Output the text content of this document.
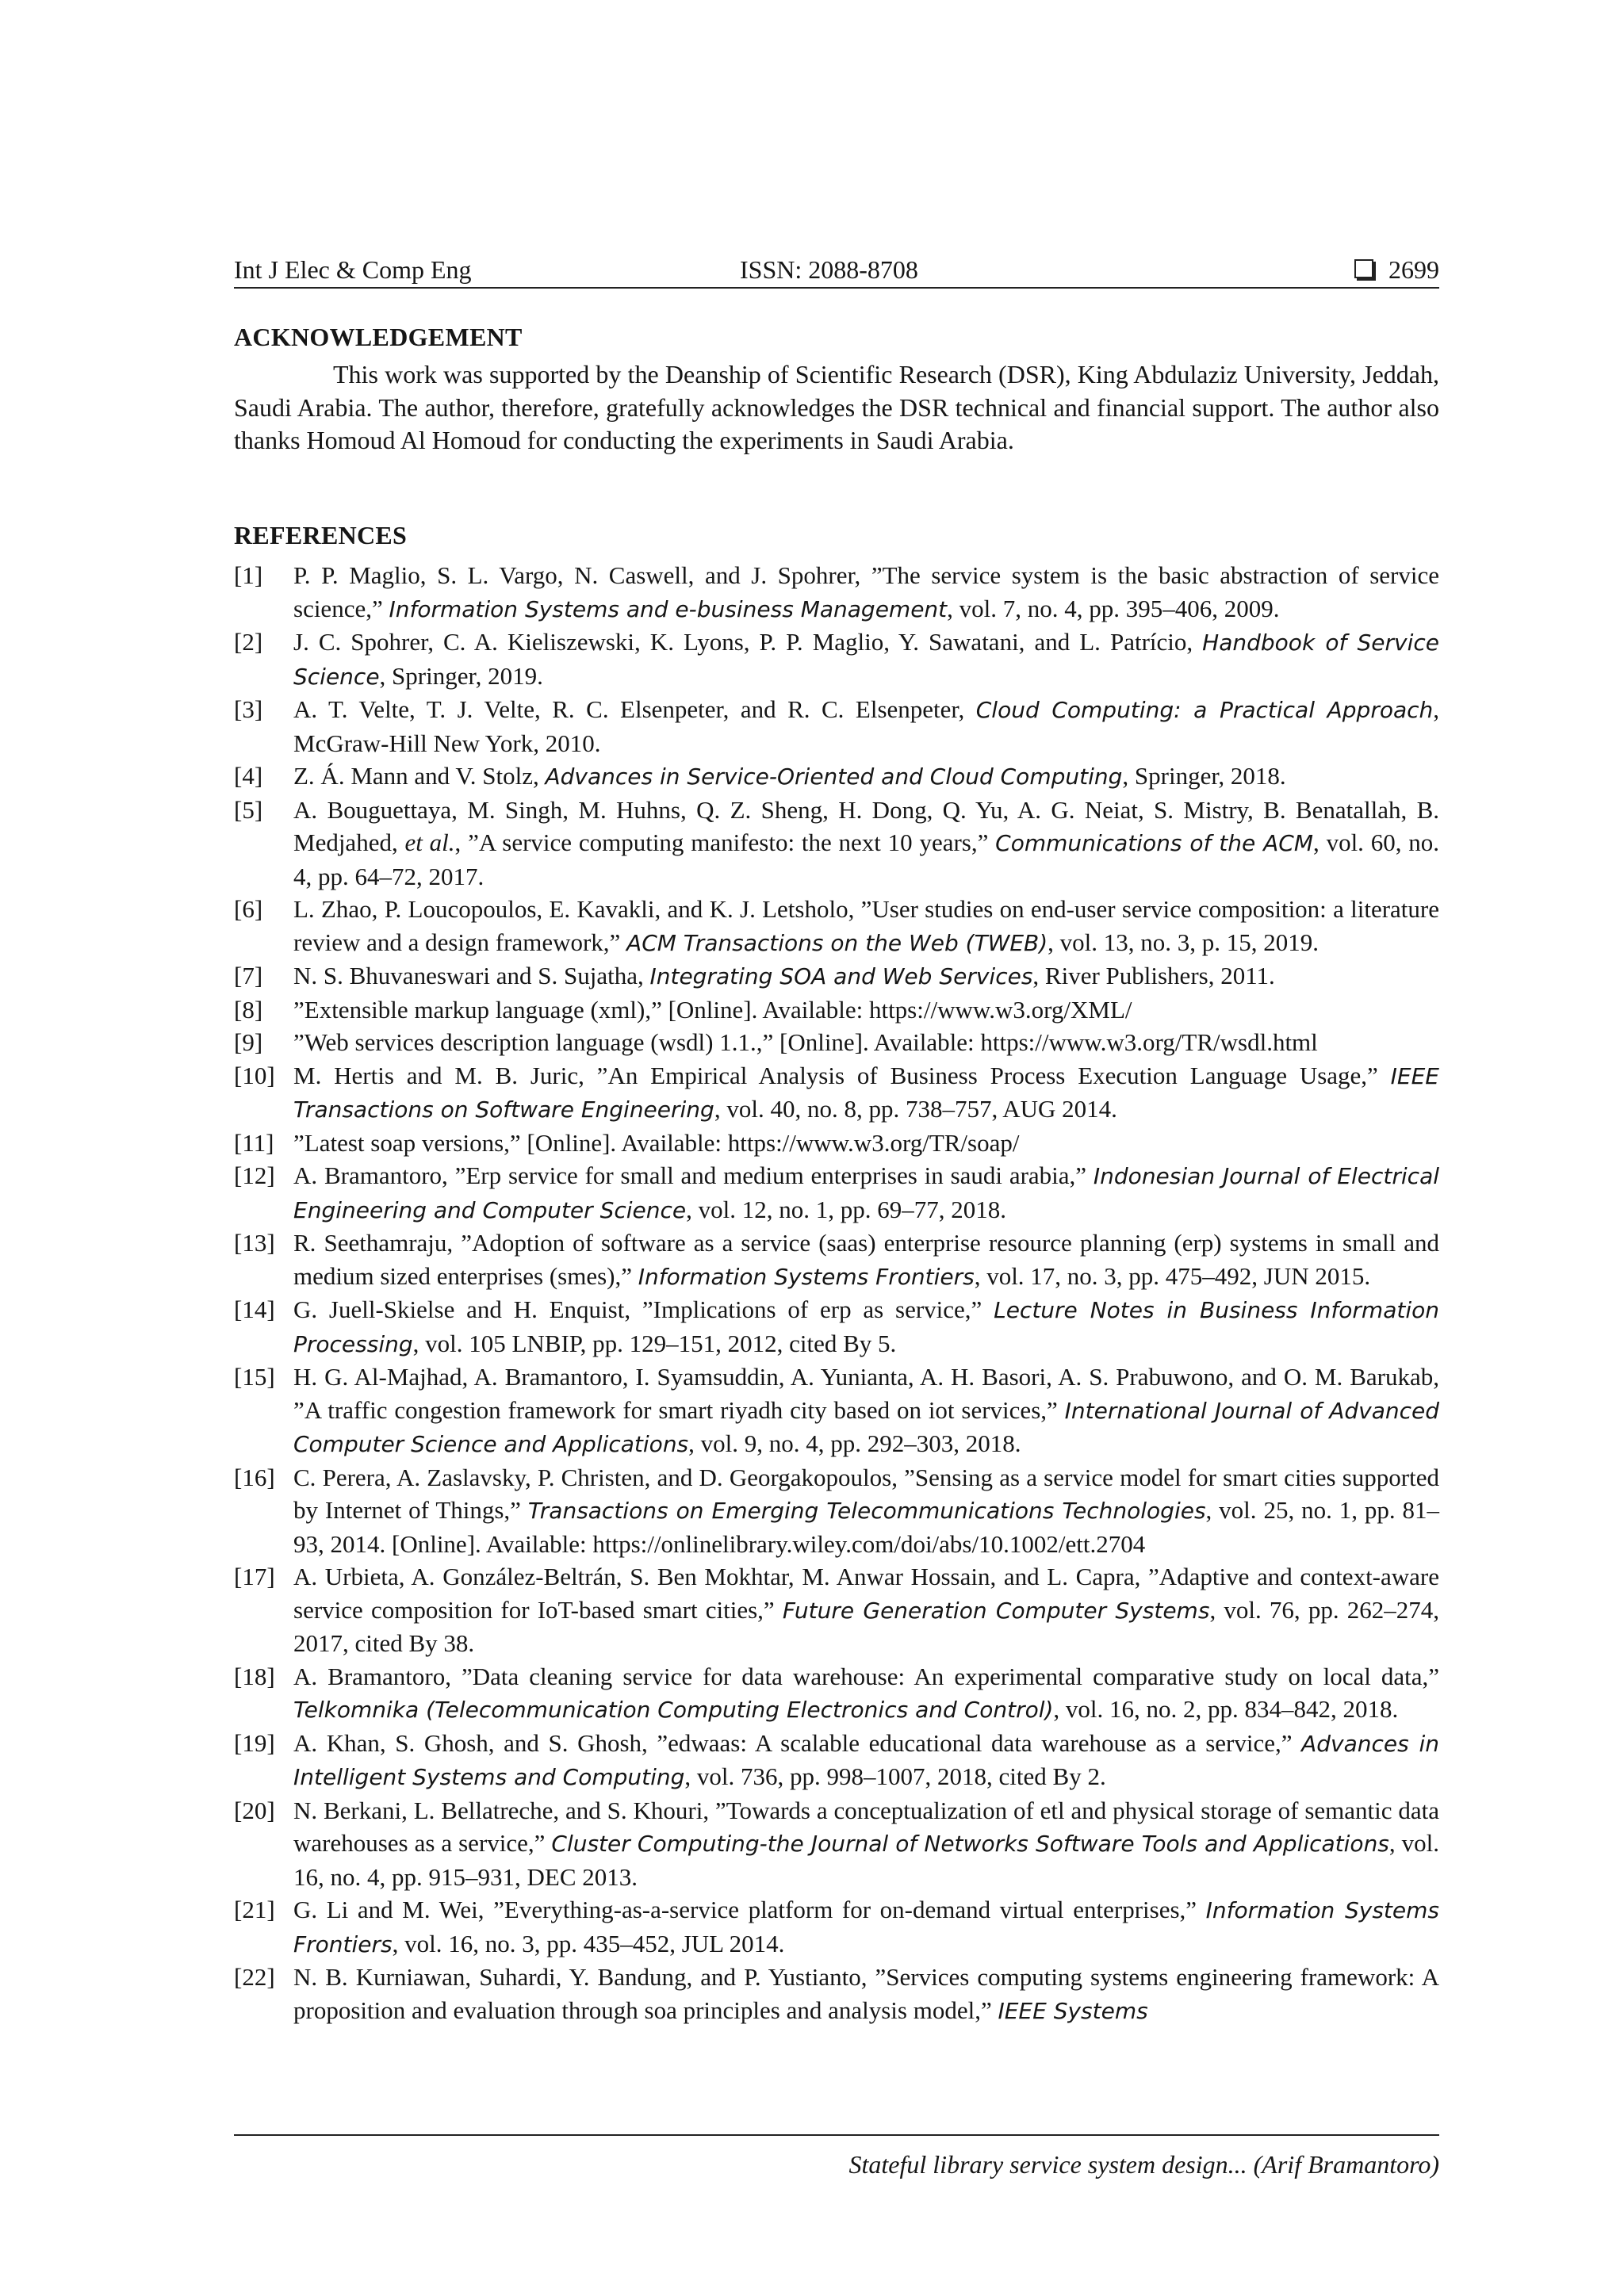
Int J Elec & Comp Eng	ISSN: 2088-8708	2699
ACKNOWLEDGEMENT

This work was supported by the Deanship of Scientific Research (DSR), King Abdulaziz University, Jeddah, Saudi Arabia. The author, therefore, gratefully acknowledges the DSR technical and financial support. The author also thanks Homoud Al Homoud for conducting the experiments in Saudi Arabia.

REFERENCES
[1] P. P. Maglio, S. L. Vargo, N. Caswell, and J. Spohrer, ”The service system is the basic abstraction of service science,” Information Systems and e-business Management, vol. 7, no. 4, pp. 395–406, 2009.
[2] J. C. Spohrer, C. A. Kieliszewski, K. Lyons, P. P. Maglio, Y. Sawatani, and L. Patrício, Handbook of Service Science, Springer, 2019.
[3] A. T. Velte, T. J. Velte, R. C. Elsenpeter, and R. C. Elsenpeter, Cloud Computing: a Practical Approach, McGraw-Hill New York, 2010.
[4] Z. Á. Mann and V. Stolz, Advances in Service-Oriented and Cloud Computing, Springer, 2018.
[5] A. Bouguettaya, M. Singh, M. Huhns, Q. Z. Sheng, H. Dong, Q. Yu, A. G. Neiat, S. Mistry, B. Benatallah, B. Medjahed, et al., ”A service computing manifesto: the next 10 years,” Communications of the ACM, vol. 60, no. 4, pp. 64–72, 2017.
[6] L. Zhao, P. Loucopoulos, E. Kavakli, and K. J. Letsholo, ”User studies on end-user service composition: a literature review and a design framework,” ACM Transactions on the Web (TWEB), vol. 13, no. 3, p. 15, 2019.
[7] N. S. Bhuvaneswari and S. Sujatha, Integrating SOA and Web Services, River Publishers, 2011.
[8] ”Extensible markup language (xml),” [Online]. Available: https://www.w3.org/XML/
[9] ”Web services description language (wsdl) 1.1.,” [Online]. Available: https://www.w3.org/TR/wsdl.html
[10] M. Hertis and M. B. Juric, ”An Empirical Analysis of Business Process Execution Language Usage,” IEEE Transactions on Software Engineering, vol. 40, no. 8, pp. 738–757, AUG 2014.
[11] ”Latest soap versions,” [Online]. Available: https://www.w3.org/TR/soap/
[12] A. Bramantoro, ”Erp service for small and medium enterprises in saudi arabia,” Indonesian Journal of Electrical Engineering and Computer Science, vol. 12, no. 1, pp. 69–77, 2018.
[13] R. Seethamraju, ”Adoption of software as a service (saas) enterprise resource planning (erp) systems in small and medium sized enterprises (smes),” Information Systems Frontiers, vol. 17, no. 3, pp. 475–492, JUN 2015.
[14] G. Juell-Skielse and H. Enquist, ”Implications of erp as service,” Lecture Notes in Business Information Processing, vol. 105 LNBIP, pp. 129–151, 2012, cited By 5.
[15] H. G. Al-Majhad, A. Bramantoro, I. Syamsuddin, A. Yunianta, A. H. Basori, A. S. Prabuwono, and O. M. Barukab, ”A traffic congestion framework for smart riyadh city based on iot services,” International Journal of Advanced Computer Science and Applications, vol. 9, no. 4, pp. 292–303, 2018.
[16] C. Perera, A. Zaslavsky, P. Christen, and D. Georgakopoulos, ”Sensing as a service model for smart cities supported by Internet of Things,” Transactions on Emerging Telecommunications Technologies, vol. 25, no. 1, pp. 81–93, 2014. [Online]. Available: https://onlinelibrary.wiley.com/doi/abs/10.1002/ett.2704
[17] A. Urbieta, A. González-Beltrán, S. Ben Mokhtar, M. Anwar Hossain, and L. Capra, ”Adaptive and context-aware service composition for IoT-based smart cities,” Future Generation Computer Systems, vol. 76, pp. 262–274, 2017, cited By 38.
[18] A. Bramantoro, ”Data cleaning service for data warehouse: An experimental comparative study on local data,” Telkomnika (Telecommunication Computing Electronics and Control), vol. 16, no. 2, pp. 834–842, 2018.
[19] A. Khan, S. Ghosh, and S. Ghosh, ”edwaas: A scalable educational data warehouse as a service,” Advances in Intelligent Systems and Computing, vol. 736, pp. 998–1007, 2018, cited By 2.
[20] N. Berkani, L. Bellatreche, and S. Khouri, ”Towards a conceptualization of etl and physical storage of semantic data warehouses as a service,” Cluster Computing-the Journal of Networks Software Tools and Applications, vol. 16, no. 4, pp. 915–931, DEC 2013.
[21] G. Li and M. Wei, ”Everything-as-a-service platform for on-demand virtual enterprises,” Information Systems Frontiers, vol. 16, no. 3, pp. 435–452, JUL 2014.
[22] N. B. Kurniawan, Suhardi, Y. Bandung, and P. Yustianto, ”Services computing systems engineering framework: A proposition and evaluation through soa principles and analysis model,” IEEE Systems
Stateful library service system design... (Arif Bramantoro)
